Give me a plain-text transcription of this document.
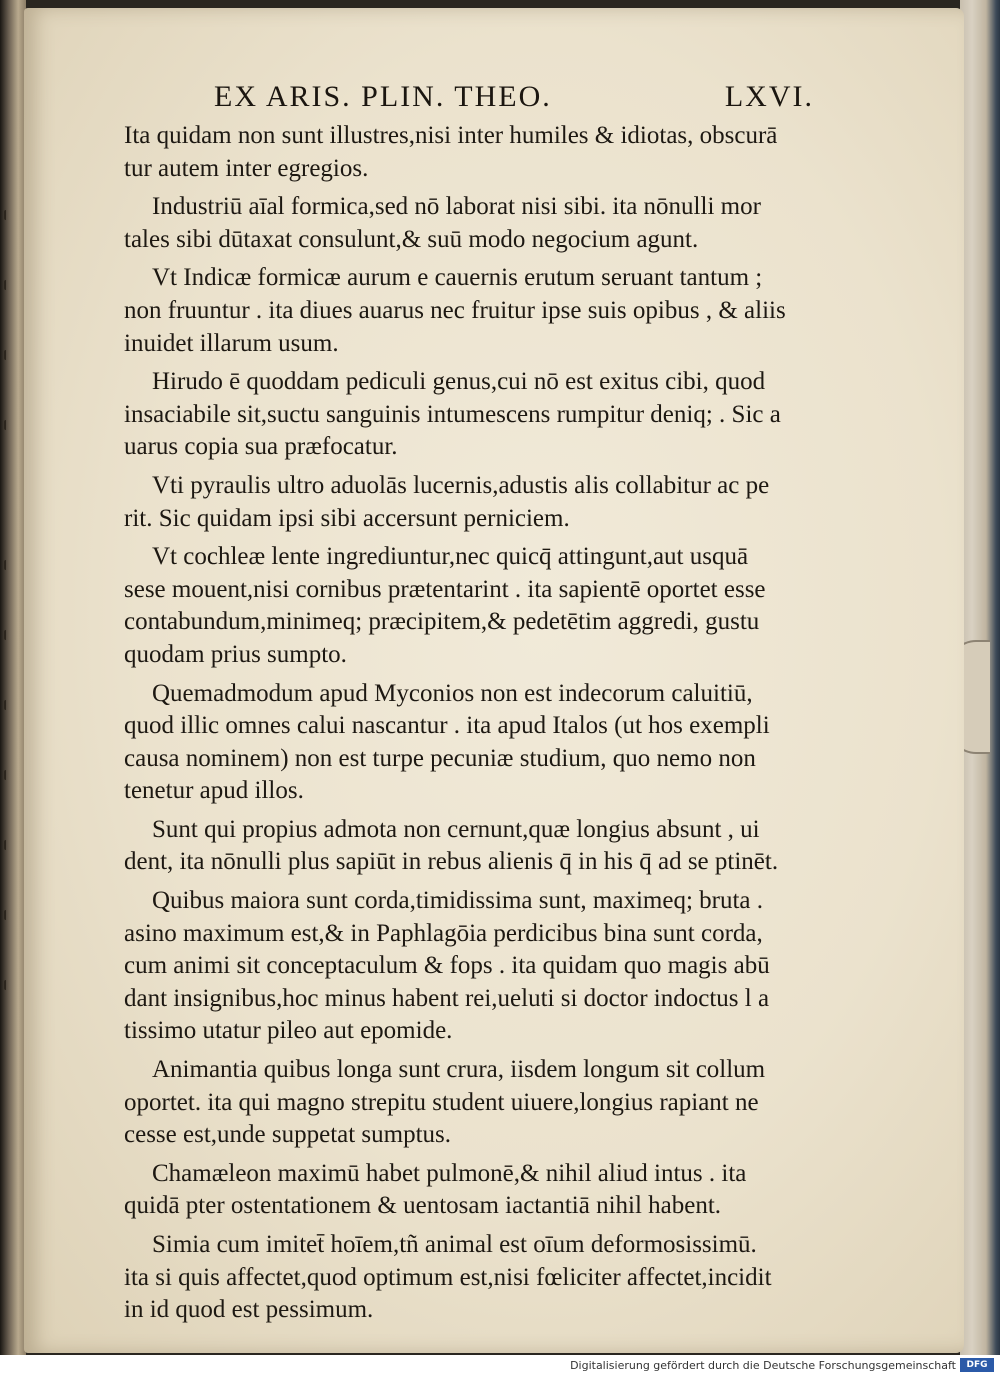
EX ARIS. PLIN. THEO.	LXVI.
Ita quidam non sunt illustres,nisi inter humiles & idiotas, obscurā
tur autem inter egregios.
Industriū aīal formica,sed nō laborat nisi sibi. ita nōnulli mor
tales sibi dūtaxat consulunt,& suū modo negocium agunt.
Vt Indicæ formicæ aurum e cauernis erutum seruant tantum ;
non fruuntur . ita diues auarus nec fruitur ipse suis opibus , & aliis
inuidet illarum usum.
Hirudo ē quoddam pediculi genus,cui nō est exitus cibi, quod
insaciabile sit,suctu sanguinis intumescens rumpitur deniq; . Sic a
uarus copia sua præfocatur.
Vti pyraulis ultro aduolās lucernis,adustis alis collabitur ac pe
rit. Sic quidam ipsi sibi accersunt perniciem.
Vt cochleæ lente ingrediuntur,nec quicq̄ attingunt,aut usquā
sese mouent,nisi cornibus prætentarint . ita sapientē oportet esse
contabundum,minimeq; præcipitem,& pedetētim aggredi, gustu
quodam prius sumpto.
Quemadmodum apud Myconios non est indecorum caluitiū,
quod illic omnes calui nascantur . ita apud Italos (ut hos exempli
causa nominem) non est turpe pecuniæ studium, quo nemo non
tenetur apud illos.
Sunt qui propius admota non cernunt,quæ longius absunt , ui
dent, ita nōnulli plus sapiūt in rebus alienis q̄ in his q̄ ad se ptinēt.
Quibus maiora sunt corda,timidissima sunt, maximeq; bruta .
asino maximum est,& in Paphlagōia perdicibus bina sunt corda,
cum animi sit conceptaculum & fops . ita quidam quo magis abū
dant insignibus,hoc minus habent rei,ueluti si doctor indoctus l a
tissimo utatur pileo aut epomide.
Animantia quibus longa sunt crura, iisdem longum sit collum
oportet. ita qui magno strepitu student uiuere,longius rapiant ne
cesse est,unde suppetat sumptus.
Chamæleon maximū habet pulmonē,& nihil aliud intus . ita
quidā pter ostentationem & uentosam iactantiā nihil habent.
Simia cum imitet̄ hoīem,tñ animal est oīum deformosissimū.
ita si quis affectet,quod optimum est,nisi fœliciter affectet,incidit
in id quod est pessimum.
Digitalisierung gefördert durch die Deutsche Forschungsgemeinschaft	DFG
